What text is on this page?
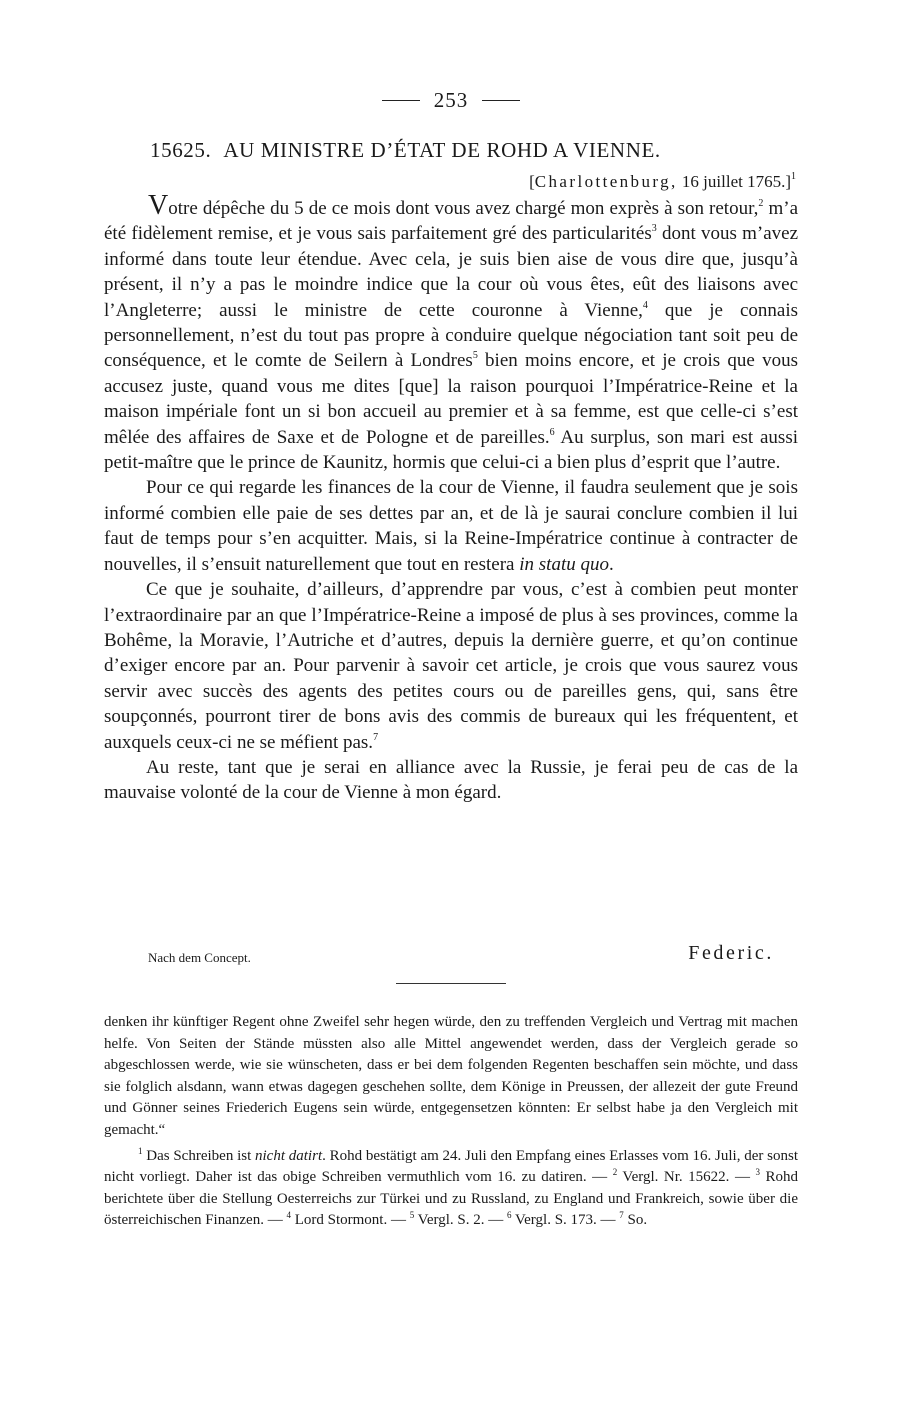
253
15625. AU MINISTRE D’ÉTAT DE ROHD A VIENNE.
[Charlottenburg, 16 juillet 1765.]$^1$

Votre dépêche du 5 de ce mois dont vous avez chargé mon exprès à son retour,$^2$ m’a été fidèlement remise, et je vous sais parfaitement gré des particularités$^3$ dont vous m’avez informé dans toute leur étendue. Avec cela, je suis bien aise de vous dire que, jusqu’à présent, il n’y a pas le moindre indice que la cour où vous êtes, eût des liaisons avec l’Angleterre; aussi le ministre de cette couronne à Vienne,$^4$ que je connais personnellement, n’est du tout pas propre à conduire quelque négociation tant soit peu de conséquence, et le comte de Seilern à Londres$^5$ bien moins encore, et je crois que vous accusez juste, quand vous me dites [que] la raison pourquoi l’Impératrice-Reine et la maison impériale font un si bon accueil au premier et à sa femme, est que celle-ci s’est mêlée des affaires de Saxe et de Pologne et de pareilles.$^6$ Au surplus, son mari est aussi petit-maître que le prince de Kaunitz, hormis que celui-ci a bien plus d’esprit que l’autre.

Pour ce qui regarde les finances de la cour de Vienne, il faudra seulement que je sois informé combien elle paie de ses dettes par an, et de là je saurai conclure combien il lui faut de temps pour s’en acquitter. Mais, si la Reine-Impératrice continue à contracter de nouvelles, il s’ensuit naturellement que tout en restera in statu quo.

Ce que je souhaite, d’ailleurs, d’apprendre par vous, c’est à combien peut monter l’extraordinaire par an que l’Impératrice-Reine a imposé de plus à ses provinces, comme la Bohême, la Moravie, l’Autriche et d’autres, depuis la dernière guerre, et qu’on continue d’exiger encore par an. Pour parvenir à savoir cet article, je crois que vous saurez vous servir avec succès des agents des petites cours ou de pareilles gens, qui, sans être soupçonnés, pourront tirer de bons avis des commis de bureaux qui les fréquentent, et auxquels ceux-ci ne se méfient pas.$^7$

Au reste, tant que je serai en alliance avec la Russie, je ferai peu de cas de la mauvaise volonté de la cour de Vienne à mon égard.

Nach dem Concept.	Federic.

denken ihr künftiger Regent ohne Zweifel sehr hegen würde, den zu treffenden Vergleich und Vertrag mit machen helfe. Von Seiten der Stände müssten also alle Mittel angewendet werden, dass der Vergleich gerade so abgeschlossen werde, wie sie wünscheten, dass er bei dem folgenden Regenten beschaffen sein möchte, und dass sie folglich alsdann, wann etwas dagegen geschehen sollte, dem Könige in Preussen, der allezeit der gute Freund und Gönner seines Friederich Eugens sein würde, entgegensetzen könnten: Er selbst habe ja den Vergleich mit gemacht.“

$^1$ Das Schreiben ist nicht datirt. Rohd bestätigt am 24. Juli den Empfang eines Erlasses vom 16. Juli, der sonst nicht vorliegt. Daher ist das obige Schreiben vermuthlich vom 16. zu datiren. — $^2$ Vergl. Nr. 15622. — $^3$ Rohd berichtete über die Stellung Oesterreichs zur Türkei und zu Russland, zu England und Frankreich, sowie über die österreichischen Finanzen. — $^4$ Lord Stormont. — $^5$ Vergl. S. 2. — $^6$ Vergl. S. 173. — $^7$ So.
